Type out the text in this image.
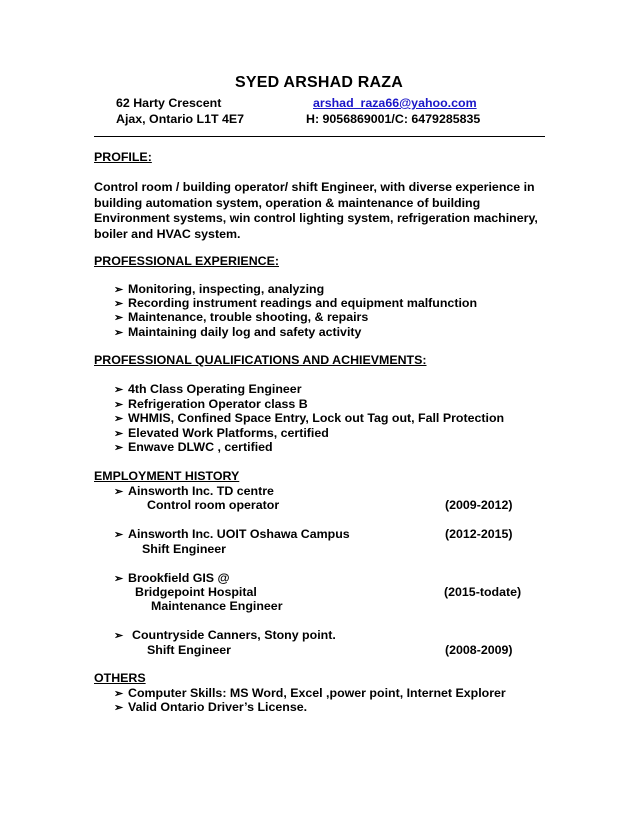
SYED ARSHAD RAZA
62 Harty Crescent
Ajax, Ontario L1T 4E7
arshad_raza66@yahoo.com
H: 9056869001/C: 6479285835
PROFILE:
Control room / building operator/ shift Engineer, with diverse experience in building automation system, operation & maintenance of building Environment systems, win control lighting system, refrigeration machinery, boiler and HVAC system.
PROFESSIONAL EXPERIENCE:
➢ Monitoring, inspecting, analyzing
➢ Recording instrument readings and equipment malfunction
➢ Maintenance, trouble shooting, & repairs
➢ Maintaining daily log and safety activity
PROFESSIONAL QUALIFICATIONS AND ACHIEVMENTS:
➢ 4th Class Operating Engineer
➢ Refrigeration Operator class B
➢ WHMIS, Confined Space Entry, Lock out Tag out, Fall Protection
➢ Elevated Work Platforms, certified
➢ Enwave DLWC , certified
EMPLOYMENT HISTORY
➢ Ainsworth Inc. TD centre
Control room operator	(2009-2012)
➢ Ainsworth Inc. UOIT Oshawa Campus	(2012-2015)
Shift Engineer
➢ Brookfield GIS @
Bridgepoint Hospital	(2015-todate)
Maintenance Engineer
➢ Countryside Canners, Stony point.
Shift Engineer	(2008-2009)
OTHERS
➢ Computer Skills: MS Word, Excel ,power point, Internet Explorer
➢ Valid Ontario Driver’s License.
